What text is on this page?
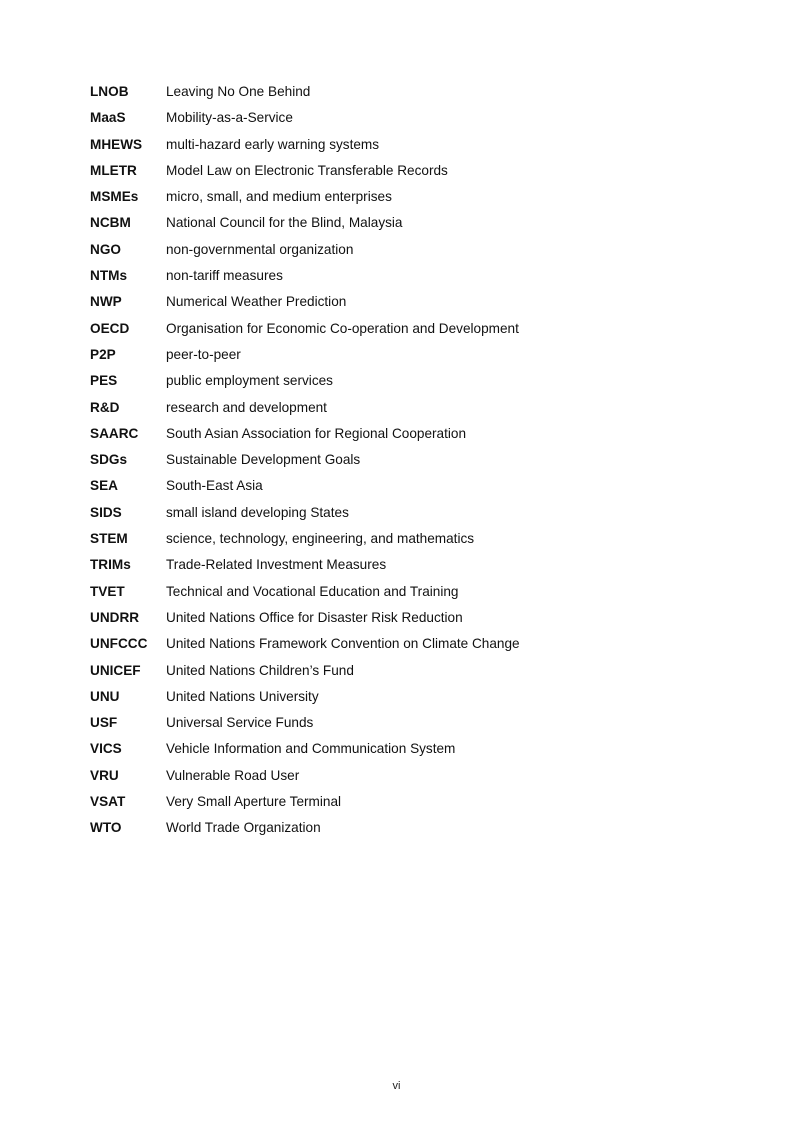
LNOB	Leaving No One Behind
MaaS	Mobility-as-a-Service
MHEWS	multi-hazard early warning systems
MLETR	Model Law on Electronic Transferable Records
MSMEs	micro, small, and medium enterprises
NCBM	National Council for the Blind, Malaysia
NGO	non-governmental organization
NTMs	non-tariff measures
NWP	Numerical Weather Prediction
OECD	Organisation for Economic Co-operation and Development
P2P	peer-to-peer
PES	public employment services
R&D	research and development
SAARC	South Asian Association for Regional Cooperation
SDGs	Sustainable Development Goals
SEA	South-East Asia
SIDS	small island developing States
STEM	science, technology, engineering, and mathematics
TRIMs	Trade-Related Investment Measures
TVET	Technical and Vocational Education and Training
UNDRR	United Nations Office for Disaster Risk Reduction
UNFCCC	United Nations Framework Convention on Climate Change
UNICEF	United Nations Children’s Fund
UNU	United Nations University
USF	Universal Service Funds
VICS	Vehicle Information and Communication System
VRU	Vulnerable Road User
VSAT	Very Small Aperture Terminal
WTO	World Trade Organization
vi
